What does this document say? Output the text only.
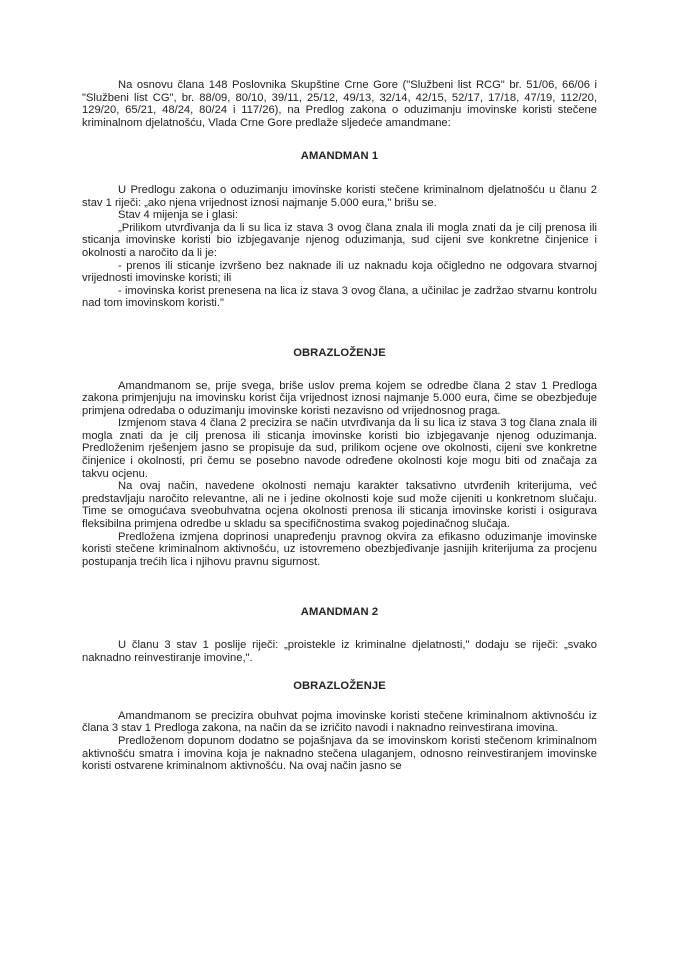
Na osnovu člana 148 Poslovnika Skupštine Crne Gore ("Službeni list RCG" br. 51/06, 66/06 i "Službeni list CG", br. 88/09, 80/10, 39/11, 25/12, 49/13, 32/14, 42/15, 52/17, 17/18, 47/19, 112/20, 129/20, 65/21, 48/24, 80/24 i 117/26), na Predlog zakona o oduzimanju imovinske koristi stečene kriminalnom djelatnošću, Vlada Crne Gore predlaže sljedeće amandmane:

AMANDMAN 1

U Predlogu zakona o oduzimanju imovinske koristi stečene kriminalnom djelatnošću u članu 2 stav 1 riječi: „ako njena vrijednost iznosi najmanje 5.000 eura," brišu se.

Stav 4 mijenja se i glasi:

„Prilikom utvrđivanja da li su lica iz stava 3 ovog člana znala ili mogla znati da je cilj prenosa ili sticanja imovinske koristi bio izbjegavanje njenog oduzimanja, sud cijeni sve konkretne činjenice i okolnosti a naročito da li je:

- prenos ili sticanje izvršeno bez naknade ili uz naknadu koja očigledno ne odgovara stvarnoj vrijednosti imovinske koristi; ili

- imovinska korist prenesena na lica iz stava 3 ovog člana, a učinilac je zadržao stvarnu kontrolu nad tom imovinskom koristi."

OBRAZLOŽENJE

Amandmanom se, prije svega, briše uslov prema kojem se odredbe člana 2 stav 1 Predloga zakona primjenjuju na imovinsku korist čija vrijednost iznosi najmanje 5.000 eura, čime se obezbjeđuje primjena odredaba o oduzimanju imovinske koristi nezavisno od vrijednosnog praga.

Izmjenom stava 4 člana 2 precizira se način utvrđivanja da li su lica iz stava 3 tog člana znala ili mogla znati da je cilj prenosa ili sticanja imovinske koristi bio izbjegavanje njenog oduzimanja. Predloženim rješenjem jasno se propisuje da sud, prilikom ocjene ove okolnosti, cijeni sve konkretne činjenice i okolnosti, pri čemu se posebno navode određene okolnosti koje mogu biti od značaja za takvu ocjenu.

Na ovaj način, navedene okolnosti nemaju karakter taksativno utvrđenih kriterijuma, već predstavljaju naročito relevantne, ali ne i jedine okolnosti koje sud može cijeniti u konkretnom slučaju. Time se omogućava sveobuhvatna ocjena okolnosti prenosa ili sticanja imovinske koristi i osigurava fleksibilna primjena odredbe u skladu sa specifičnostima svakog pojedinačnog slučaja.

Predložena izmjena doprinosi unapređenju pravnog okvira za efikasno oduzimanje imovinske koristi stečene kriminalnom aktivnošću, uz istovremeno obezbjeđivanje jasnijih kriterijuma za procjenu postupanja trećih lica i njihovu pravnu sigurnost.

AMANDMAN 2

U članu 3 stav 1 poslije riječi: „proistekle iz kriminalne djelatnosti," dodaju se riječi: „svako naknadno reinvestiranje imovine,".

OBRAZLOŽENJE

Amandmanom se precizira obuhvat pojma imovinske koristi stečene kriminalnom aktivnošću iz člana 3 stav 1 Predloga zakona, na način da se izričito navodi i naknadno reinvestirana imovina.

Predloženom dopunom dodatno se pojašnjava da se imovinskom koristi stečenom kriminalnom aktivnošću smatra i imovina koja je naknadno stečena ulaganjem, odnosno reinvestiranjem imovinske koristi ostvarene kriminalnom aktivnošću. Na ovaj način jasno se
